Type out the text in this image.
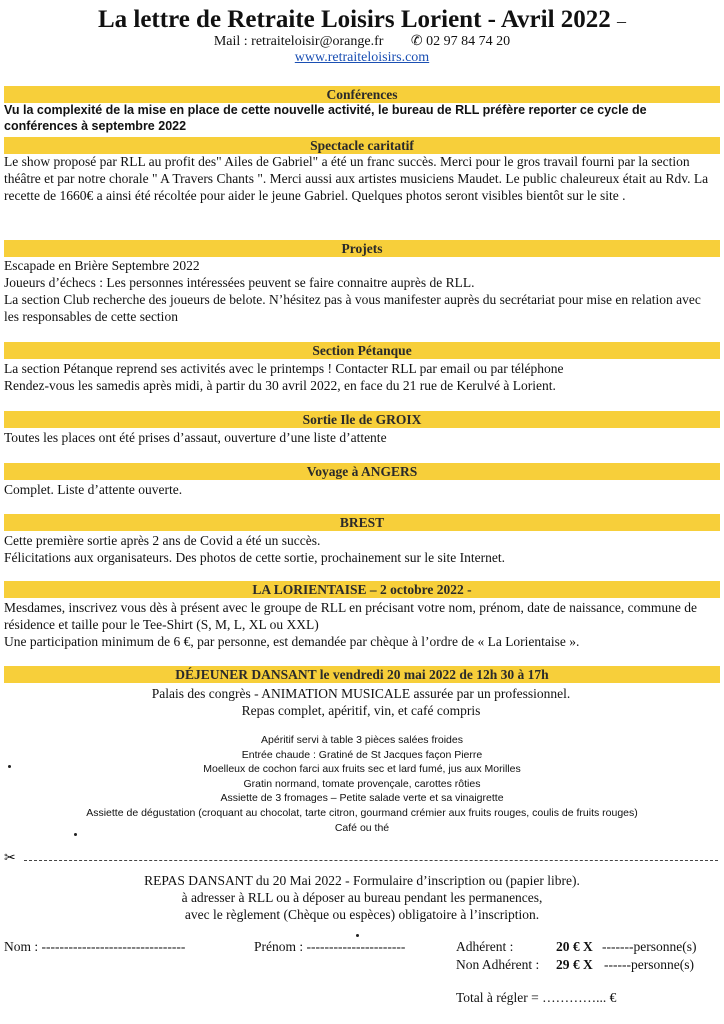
La lettre de Retraite Loisirs Lorient - Avril 2022 –
Mail : retraiteloisir@orange.fr ✆ 02 97 84 74 20
www.retraiteloisirs.com
Conférences

Vu la complexité de la mise en place de cette nouvelle activité, le bureau de RLL préfère reporter ce cycle de conférences à septembre 2022

Spectacle caritatif

Le show proposé par RLL au profit des" Ailes de Gabriel" a été un franc succès. Merci pour le gros travail fourni par la section théâtre et par notre chorale " A Travers Chants ". Merci aussi aux artistes musiciens Maudet. Le public chaleureux était au Rdv. La recette de 1660€ a ainsi été récoltée pour aider le jeune Gabriel. Quelques photos seront visibles bientôt sur le site .

Projets

Escapade en Brière Septembre 2022

Joueurs d’échecs : Les personnes intéressées peuvent se faire connaitre auprès de RLL.

La section Club recherche des joueurs de belote. N’hésitez pas à vous manifester auprès du secrétariat pour mise en relation avec les responsables de cette section

Section Pétanque

La section Pétanque reprend ses activités avec le printemps ! Contacter RLL par email ou par téléphone

Rendez-vous les samedis après midi, à partir du 30 avril 2022, en face du 21 rue de Kerulvé à Lorient.

Sortie Ile de GROIX

Toutes les places ont été prises d’assaut, ouverture d’une liste d’attente

Voyage à ANGERS

Complet. Liste d’attente ouverte.

BREST

Cette première sortie après 2 ans de Covid a été un succès.

Félicitations aux organisateurs. Des photos de cette sortie, prochainement sur le site Internet.

LA LORIENTAISE – 2 octobre 2022 -

Mesdames, inscrivez vous dès à présent avec le groupe de RLL en précisant votre nom, prénom, date de naissance, commune de résidence et taille pour le Tee-Shirt (S, M, L, XL ou XXL)

Une participation minimum de 6 €, par personne, est demandée par chèque à l’ordre de « La Lorientaise ».

DÉJEUNER DANSANT le vendredi 20 mai 2022 de 12h 30 à 17h

Palais des congrès - ANIMATION MUSICALE assurée par un professionnel.

Repas complet, apéritif, vin, et café compris

Apéritif servi à table 3 pièces salées froides

Entrée chaude : Gratiné de St Jacques façon Pierre

Moelleux de cochon farci aux fruits sec et lard fumé, jus aux Morilles

Gratin normand, tomate provençale, carottes rôties

Assiette de 3 fromages – Petite salade verte et sa vinaigrette

Assiette de dégustation (croquant au chocolat, tarte citron, gourmand crémier aux fruits rouges, coulis de fruits rouges)

Café ou thé

✂

REPAS DANSANT du 20 Mai 2022 - Formulaire d’inscription ou (papier libre).

à adresser à RLL ou à déposer au bureau pendant les permanences,

avec le règlement (Chèque ou espèces) obligatoire à l’inscription.

Nom : --------------------------------	Prénom : ----------------------	Adhérent :	20 € X -------personne(s)
Non Adhérent : 29 € X ------personne(s)
Total à régler = …………... €
